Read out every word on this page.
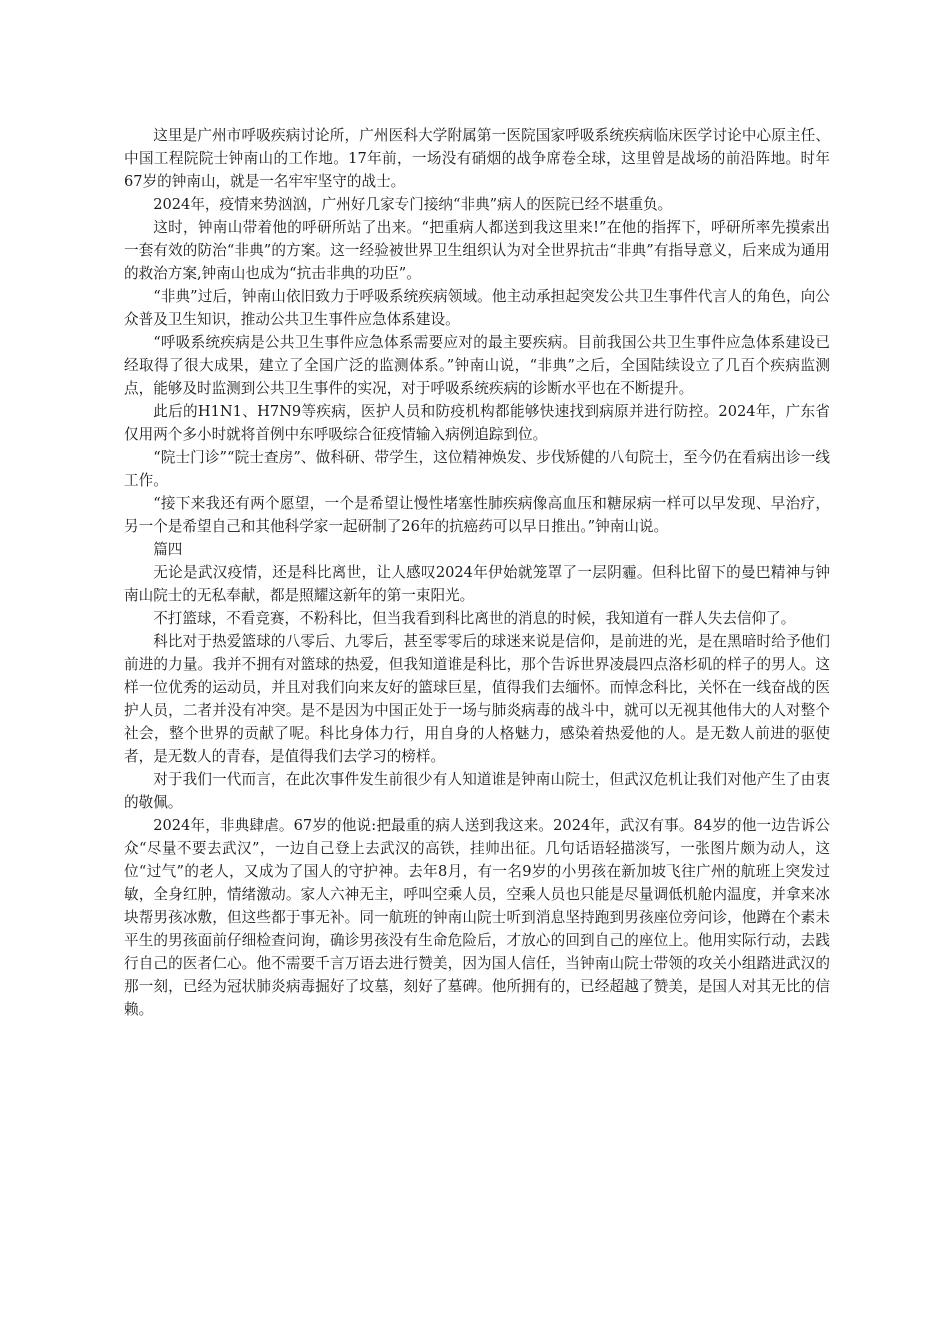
这里是广州市呼吸疾病讨论所，广州医科大学附属第一医院国家呼吸系统疾病临床医学讨论中心原主任、中国工程院院士钟南山的工作地。17年前，一场没有硝烟的战争席卷全球，这里曾是战场的前沿阵地。时年67岁的钟南山，就是一名牢牢坚守的战士。

2024年，疫情来势汹汹，广州好几家专门接纳“非典”病人的医院已经不堪重负。

这时，钟南山带着他的呼研所站了出来。“把重病人都送到我这里来!”在他的指挥下，呼研所率先摸索出一套有效的防治“非典”的方案。这一经验被世界卫生组织认为对全世界抗击“非典”有指导意义，后来成为通用的救治方案,钟南山也成为“抗击非典的功臣”。

“非典”过后，钟南山依旧致力于呼吸系统疾病领域。他主动承担起突发公共卫生事件代言人的角色，向公众普及卫生知识，推动公共卫生事件应急体系建设。

“呼吸系统疾病是公共卫生事件应急体系需要应对的最主要疾病。目前我国公共卫生事件应急体系建设已经取得了很大成果，建立了全国广泛的监测体系。”钟南山说，“非典”之后，全国陆续设立了几百个疾病监测点，能够及时监测到公共卫生事件的实况，对于呼吸系统疾病的诊断水平也在不断提升。

此后的H1N1、H7N9等疾病，医护人员和防疫机构都能够快速找到病原并进行防控。2024年，广东省仅用两个多小时就将首例中东呼吸综合征疫情输入病例追踪到位。

“院士门诊”“院士查房”、做科研、带学生，这位精神焕发、步伐矫健的八旬院士，至今仍在看病出诊一线工作。

“接下来我还有两个愿望，一个是希望让慢性堵塞性肺疾病像高血压和糖尿病一样可以早发现、早治疗，另一个是希望自己和其他科学家一起研制了26年的抗癌药可以早日推出。”钟南山说。

篇四

无论是武汉疫情，还是科比离世，让人感叹2024年伊始就笼罩了一层阴霾。但科比留下的曼巴精神与钟南山院士的无私奉献，都是照耀这新年的第一束阳光。

不打篮球，不看竞赛，不粉科比，但当我看到科比离世的消息的时候，我知道有一群人失去信仰了。

科比对于热爱篮球的八零后、九零后，甚至零零后的球迷来说是信仰，是前进的光，是在黑暗时给予他们前进的力量。我并不拥有对篮球的热爱，但我知道谁是科比，那个告诉世界凌晨四点洛杉矶的样子的男人。这样一位优秀的运动员，并且对我们向来友好的篮球巨星，值得我们去缅怀。而悼念科比，关怀在一线奋战的医护人员，二者并没有冲突。是不是因为中国正处于一场与肺炎病毒的战斗中，就可以无视其他伟大的人对整个社会，整个世界的贡献了呢。科比身体力行，用自身的人格魅力，感染着热爱他的人。是无数人前进的驱使者，是无数人的青春，是值得我们去学习的榜样。

对于我们一代而言，在此次事件发生前很少有人知道谁是钟南山院士，但武汉危机让我们对他产生了由衷的敬佩。

2024年，非典肆虐。67岁的他说:把最重的病人送到我这来。2024年，武汉有事。84岁的他一边告诉公众“尽量不要去武汉”，一边自己登上去武汉的高铁，挂帅出征。几句话语轻描淡写，一张图片颇为动人，这位“过气”的老人，又成为了国人的守护神。去年8月，有一名9岁的小男孩在新加坡飞往广州的航班上突发过敏，全身红肿，情绪激动。家人六神无主，呼叫空乘人员，空乘人员也只能是尽量调低机舱内温度，并拿来冰块帮男孩冰敷，但这些都于事无补。同一航班的钟南山院士听到消息坚持跑到男孩座位旁问诊，他蹲在个素未平生的男孩面前仔细检查问询，确诊男孩没有生命危险后，才放心的回到自己的座位上。他用实际行动，去践行自己的医者仁心。他不需要千言万语去进行赞美，因为国人信任，当钟南山院士带领的攻关小组踏进武汉的那一刻，已经为冠状肺炎病毒掘好了坟墓，刻好了墓碑。他所拥有的，已经超越了赞美，是国人对其无比的信赖。
